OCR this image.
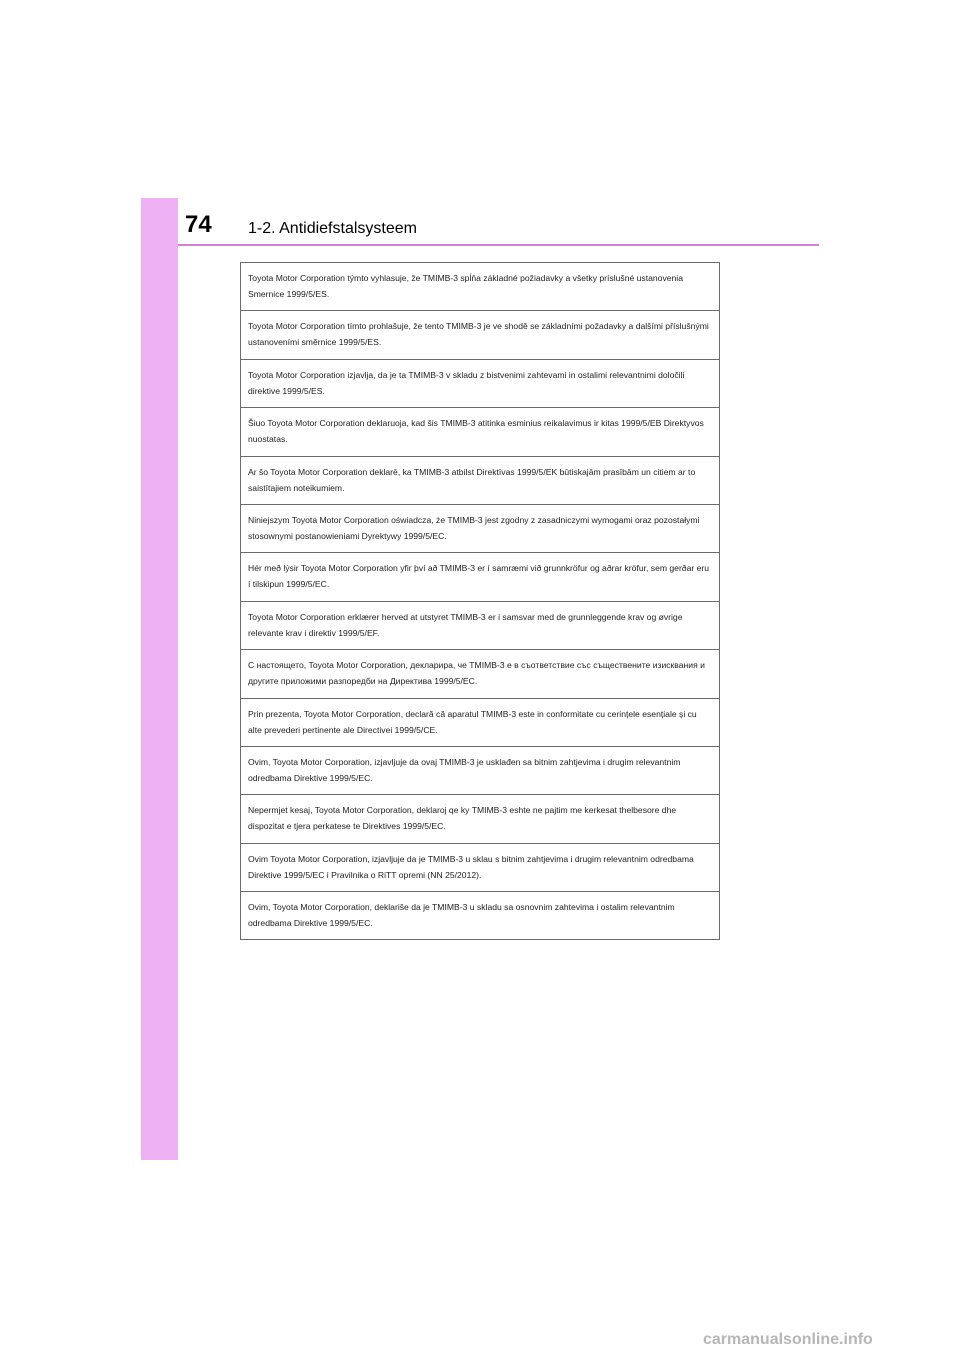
74 1-2. Antidiefstalsysteem
Toyota Motor Corporation týmto vyhlasuje, že TMIMB-3 spĺňa základné požiadavky a všetky príslušné ustanovenia Smernice 1999/5/ES.
Toyota Motor Corporation tímto prohlašuje, že tento TMIMB-3 je ve shodě se základními požadavky a dalšími příslušnými ustanoveními směrnice 1999/5/ES.
Toyota Motor Corporation izjavlja, da je ta TMIMB-3 v skladu z bistvenimi zahtevami in ostalimi relevantnimi določili direktive 1999/5/ES.
Šiuo Toyota Motor Corporation deklaruoja, kad šis TMIMB-3 atitinka esminius reikalavimus ir kitas 1999/5/EB Direktyvos nuostatas.
Ar šo Toyota Motor Corporation deklarē, ka TMIMB-3 atbilst Direktīvas 1999/5/EK būtiskajām prasībām un citiem ar to saistītajiem noteikumiem.
Niniejszym Toyota Motor Corporation oświadcza, że TMIMB-3 jest zgodny z zasadniczymi wymogami oraz pozostałymi stosownymi postanowieniami Dyrektywy 1999/5/EC.
Hér með lýsir Toyota Motor Corporation yfir því að TMIMB-3 er í samræmi við grunnkröfur og aðrar kröfur, sem gerðar eru í tilskipun 1999/5/EC.
Toyota Motor Corporation erklærer herved at utstyret TMIMB-3 er i samsvar med de grunnleggende krav og øvrige relevante krav i direktiv 1999/5/EF.
С настоящето, Toyota Motor Corporation, декларира, че TMIMB-3 е в съответствие със съществените изисквания и другите приложими разпоредби на Директива 1999/5/ЕС.
Prin prezenta, Toyota Motor Corporation, declară că aparatul TMIMB-3 este in conformitate cu cerințele esențiale și cu alte prevederi pertinente ale Directivei 1999/5/CE.
Ovim, Toyota Motor Corporation, izjavljuje da ovaj TMIMB-3 je usklađen sa bitnim zahtjevima i drugim relevantnim odredbama Direktive 1999/5/EC.
Nepermjet kesaj, Toyota Motor Corporation, deklaroj qe ky TMIMB-3 eshte ne pajtim me kerkesat thelbesore dhe dispozitat e tjera perkatese te Direktives 1999/5/EC.
Ovim Toyota Motor Corporation, izjavljuje da je TMIMB-3 u sklau s bitnim zahtjevima i drugim relevantnim odredbama Direktive 1999/5/EC i Pravilnika o RiTT opremi (NN 25/2012).
Ovim, Toyota Motor Corporation, deklariše da je TMIMB-3 u skladu sa osnovnim zahtevima i ostalim relevantnim odredbama Direktive 1999/5/EC.
carmanualsonline.info
